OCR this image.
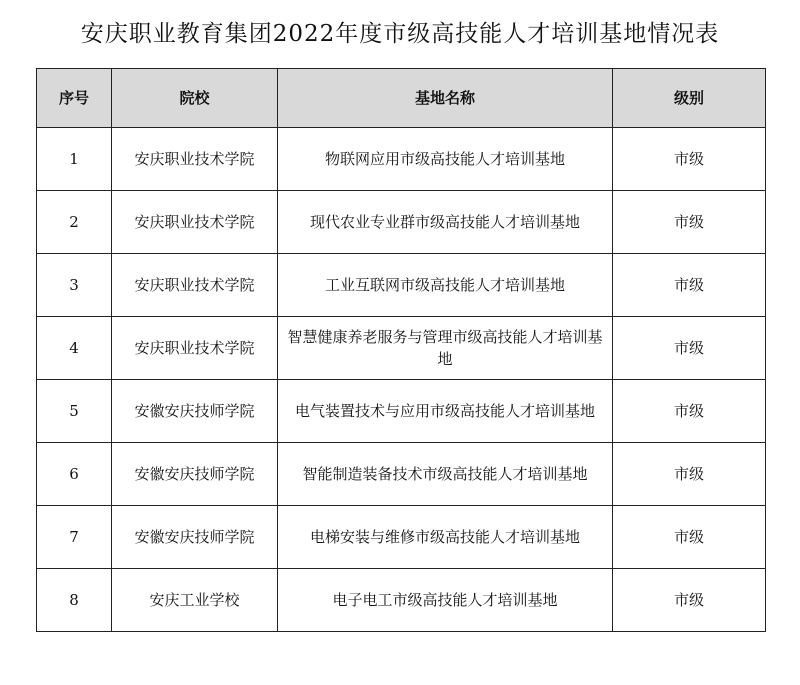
安庆职业教育集团2022年度市级高技能人才培训基地情况表
序号	院校	基地名称	级别
1	安庆职业技术学院	物联网应用市级高技能人才培训基地	市级
2	安庆职业技术学院	现代农业专业群市级高技能人才培训基地	市级
3	安庆职业技术学院	工业互联网市级高技能人才培训基地	市级
4	安庆职业技术学院	智慧健康养老服务与管理市级高技能人才培训基地	市级
5	安徽安庆技师学院	电气装置技术与应用市级高技能人才培训基地	市级
6	安徽安庆技师学院	智能制造装备技术市级高技能人才培训基地	市级
7	安徽安庆技师学院	电梯安装与维修市级高技能人才培训基地	市级
8	安庆工业学校	电子电工市级高技能人才培训基地	市级
